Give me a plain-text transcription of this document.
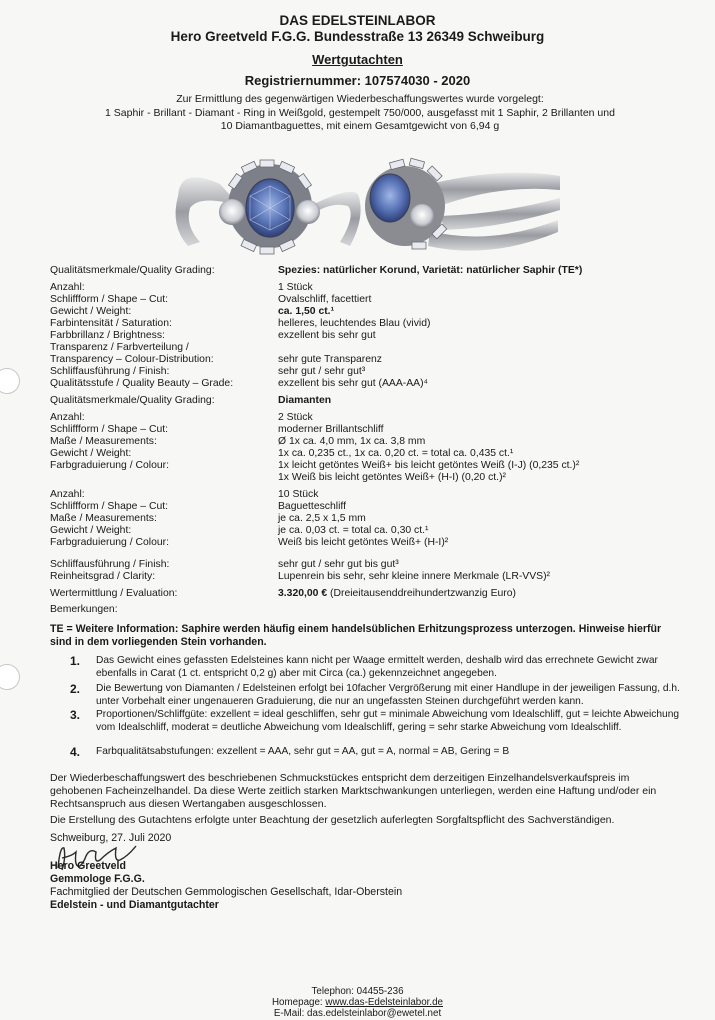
DAS EDELSTEINLABOR
Hero Greetveld F.G.G. Bundesstraße 13 26349 Schweiburg
Wertgutachten
Registriernummer: 107574030 - 2020
Zur Ermittlung des gegenwärtigen Wiederbeschaffungswertes wurde vorgelegt:
1 Saphir - Brillant - Diamant - Ring in Weißgold, gestempelt 750/000, ausgefasst mit 1 Saphir, 2 Brillanten und
10 Diamantbaguettes, mit einem Gesamtgewicht von 6,94 g
Qualitätsmerkmale/Quality Grading:	Spezies: natürlicher Korund, Varietät: natürlicher Saphir (TE*)
Anzahl:	1 Stück
Schliffform / Shape – Cut:	Ovalschliff, facettiert
Gewicht / Weight:	ca. 1,50 ct.¹
Farbintensität / Saturation:	helleres, leuchtendes Blau (vivid)
Farbbrillanz / Brightness:	exzellent bis sehr gut
Transparenz / Farbverteilung /
Transparency – Colour-Distribution:	sehr gute Transparenz
Schliffausführung / Finish:	sehr gut / sehr gut³
Qualitätsstufe / Quality Beauty – Grade:	exzellent bis sehr gut (AAA-AA)⁴
Qualitätsmerkmale/Quality Grading:	Diamanten
Anzahl:	2 Stück
Schliffform / Shape – Cut:	moderner Brillantschliff
Maße / Measurements:	Ø 1x ca. 4,0 mm, 1x ca. 3,8 mm
Gewicht / Weight:	1x ca. 0,235 ct., 1x ca. 0,20 ct. = total ca. 0,435 ct.¹
Farbgraduierung / Colour:	1x leicht getöntes Weiß+ bis leicht getöntes Weiß (I-J) (0,235 ct.)²
1x Weiß bis leicht getöntes Weiß+ (H-I) (0,20 ct.)²
Anzahl:	10 Stück
Schliffform / Shape – Cut:	Baguetteschliff
Maße / Measurements:	je ca. 2,5 x 1,5 mm
Gewicht / Weight:	je ca. 0,03 ct. = total ca. 0,30 ct.¹
Farbgraduierung / Colour:	Weiß bis leicht getöntes Weiß+ (H-I)²
Schliffausführung / Finish:	sehr gut / sehr gut bis gut³
Reinheitsgrad / Clarity:	Lupenrein bis sehr, sehr kleine innere Merkmale (LR-VVS)²
Wertermittlung / Evaluation:	3.320,00 € (Dreieitausenddreihundertzwanzig Euro)
Bemerkungen:
TE = Weitere Information: Saphire werden häufig einem handelsüblichen Erhitzungsprozess unterzogen. Hinweise hierfür sind in dem vorliegenden Stein vorhanden.
1. Das Gewicht eines gefassten Edelsteines kann nicht per Waage ermittelt werden, deshalb wird das errechnete Gewicht zwar ebenfalls in Carat (1 ct. entspricht 0,2 g) aber mit Circa (ca.) gekennzeichnet angegeben.
2. Die Bewertung von Diamanten / Edelsteinen erfolgt bei 10facher Vergrößerung mit einer Handlupe in der jeweiligen Fassung, d.h. unter Vorbehalt einer ungenaueren Graduierung, die nur an ungefassten Steinen durchgeführt werden kann.
3. Proportionen/Schliffgüte: exzellent = ideal geschliffen, sehr gut = minimale Abweichung vom Idealschliff, gut = leichte Abweichung vom Idealschliff, moderat = deutliche Abweichung vom Idealschliff, gering = sehr starke Abweichung vom Idealschliff.
4. Farbqualitätsabstufungen: exzellent = AAA, sehr gut = AA, gut = A, normal = AB, Gering = B
Der Wiederbeschaffungswert des beschriebenen Schmuckstückes entspricht dem derzeitigen Einzelhandelsverkaufspreis im gehobenen Facheinzelhandel. Da diese Werte zeitlich starken Marktschwankungen unterliegen, werden eine Haftung und/oder ein Rechtsanspruch aus diesen Wertangaben ausgeschlossen.
Die Erstellung des Gutachtens erfolgte unter Beachtung der gesetzlich auferlegten Sorgfaltspflicht des Sachverständigen.
Schweiburg, 27. Juli 2020
Hero Greetveld
Gemmologe F.G.G.
Fachmitglied der Deutschen Gemmologischen Gesellschaft, Idar-Oberstein
Edelstein - und Diamantgutachter
Telephon: 04455-236
Homepage: www.das-Edelsteinlabor.de
E-Mail: das.edelsteinlabor@ewetel.net
